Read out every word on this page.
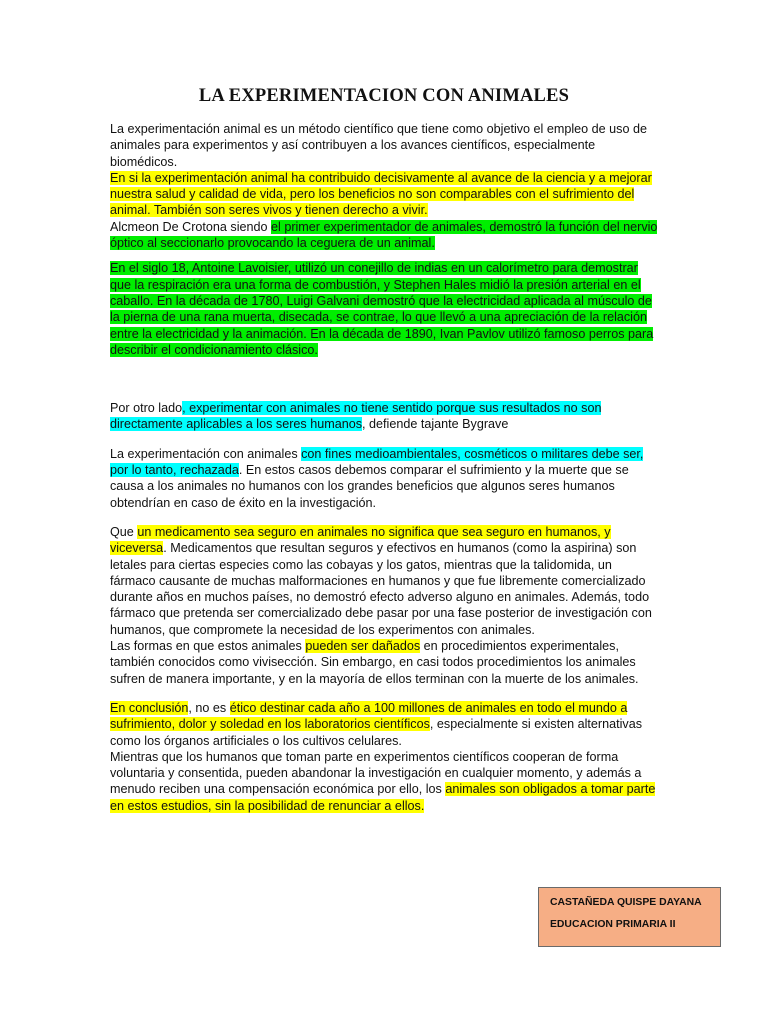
LA EXPERIMENTACION CON ANIMALES

La experimentación animal es un método científico que tiene como objetivo el empleo de uso de animales para experimentos y así contribuyen a los avances científicos, especialmente biomédicos.

En si la experimentación animal ha contribuido decisivamente al avance de la ciencia y a mejorar nuestra salud y calidad de vida, pero los beneficios no son comparables con el sufrimiento del animal. También son seres vivos y tienen derecho a vivir.

Alcmeon De Crotona siendo el primer experimentador de animales, demostró la función del nervio óptico al seccionarlo provocando la ceguera de un animal.

En el siglo 18, Antoine Lavoisier, utilizó un conejillo de indias en un calorímetro para demostrar que la respiración era una forma de combustión, y Stephen Hales midió la presión arterial en el caballo. En la década de 1780, Luigi Galvani demostró que la electricidad aplicada al músculo de la pierna de una rana muerta, disecada, se contrae, lo que llevó a una apreciación de la relación entre la electricidad y la animación. En la década de 1890, Ivan Pavlov utilizó famoso perros para describir el condicionamiento clásico.

Por otro lado, experimentar con animales no tiene sentido porque sus resultados no son directamente aplicables a los seres humanos, defiende tajante Bygrave

La experimentación con animales con fines medioambientales, cosméticos o militares debe ser, por lo tanto, rechazada. En estos casos debemos comparar el sufrimiento y la muerte que se causa a los animales no humanos con los grandes beneficios que algunos seres humanos obtendrían en caso de éxito en la investigación.

Que un medicamento sea seguro en animales no significa que sea seguro en humanos, y viceversa. Medicamentos que resultan seguros y efectivos en humanos (como la aspirina) son letales para ciertas especies como las cobayas y los gatos, mientras que la talidomida, un fármaco causante de muchas malformaciones en humanos y que fue libremente comercializado durante años en muchos países, no demostró efecto adverso alguno en animales. Además, todo fármaco que pretenda ser comercializado debe pasar por una fase posterior de investigación con humanos, que compromete la necesidad de los experimentos con animales.

Las formas en que estos animales pueden ser dañados en procedimientos experimentales, también conocidos como vivisección. Sin embargo, en casi todos procedimientos los animales sufren de manera importante, y en la mayoría de ellos terminan con la muerte de los animales.

En conclusión, no es ético destinar cada año a 100 millones de animales en todo el mundo a sufrimiento, dolor y soledad en los laboratorios científicos, especialmente si existen alternativas como los órganos artificiales o los cultivos celulares.

Mientras que los humanos que toman parte en experimentos científicos cooperan de forma voluntaria y consentida, pueden abandonar la investigación en cualquier momento, y además a menudo reciben una compensación económica por ello, los animales son obligados a tomar parte en estos estudios, sin la posibilidad de renunciar a ellos.

CASTAÑEDA QUISPE DAYANA
EDUCACION PRIMARIA II
